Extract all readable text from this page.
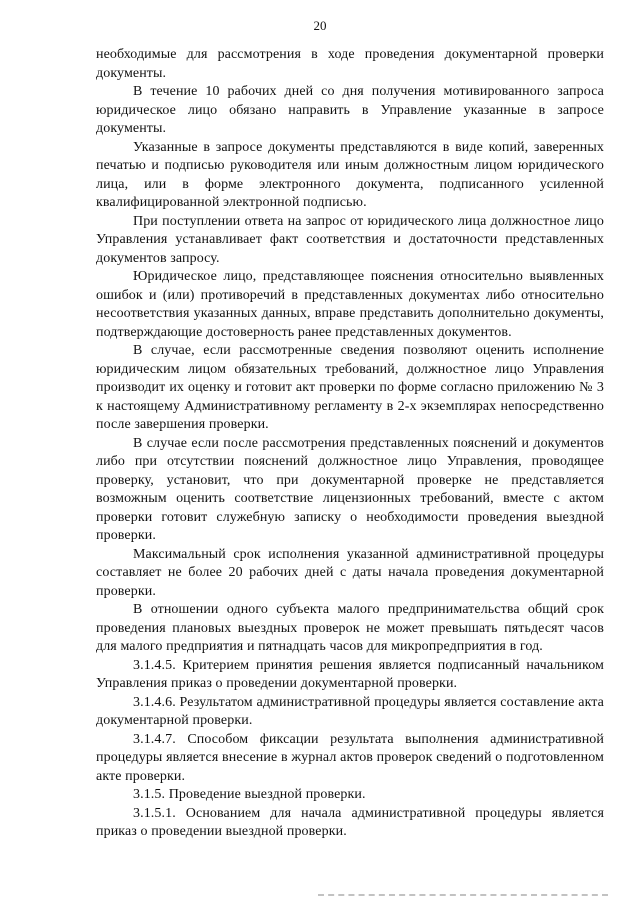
20

необходимые для рассмотрения в ходе проведения документарной проверки документы.

В течение 10 рабочих дней со дня получения мотивированного запроса юридическое лицо обязано направить в Управление указанные в запросе документы.

Указанные в запросе документы представляются в виде копий, заверенных печатью и подписью руководителя или иным должностным лицом юридического лица, или в форме электронного документа, подписанного усиленной квалифицированной электронной подписью.

При поступлении ответа на запрос от юридического лица должностное лицо Управления устанавливает факт соответствия и достаточности представленных документов запросу.

Юридическое лицо, представляющее пояснения относительно выявленных ошибок и (или) противоречий в представленных документах либо относительно несоответствия указанных данных, вправе представить дополнительно документы, подтверждающие достоверность ранее представленных документов.

В случае, если рассмотренные сведения позволяют оценить исполнение юридическим лицом обязательных требований, должностное лицо Управления производит их оценку и готовит акт проверки по форме согласно приложению № 3 к настоящему Административному регламенту в 2-х экземплярах непосредственно после завершения проверки.

В случае если после рассмотрения представленных пояснений и документов либо при отсутствии пояснений должностное лицо Управления, проводящее проверку, установит, что при документарной проверке не представляется возможным оценить соответствие лицензионных требований, вместе с актом проверки готовит служебную записку о необходимости проведения выездной проверки.

Максимальный срок исполнения указанной административной процедуры составляет не более 20 рабочих дней с даты начала проведения документарной проверки.

В отношении одного субъекта малого предпринимательства общий срок проведения плановых выездных проверок не может превышать пятьдесят часов для малого предприятия и пятнадцать часов для микропредприятия в год.

3.1.4.5. Критерием принятия решения является подписанный начальником Управления приказ о проведении документарной проверки.

3.1.4.6. Результатом административной процедуры является составление акта документарной проверки.

3.1.4.7. Способом фиксации результата выполнения административной процедуры является внесение в журнал актов проверок сведений о подготовленном акте проверки.

3.1.5. Проведение выездной проверки.

3.1.5.1. Основанием для начала административной процедуры является приказ о проведении выездной проверки.
